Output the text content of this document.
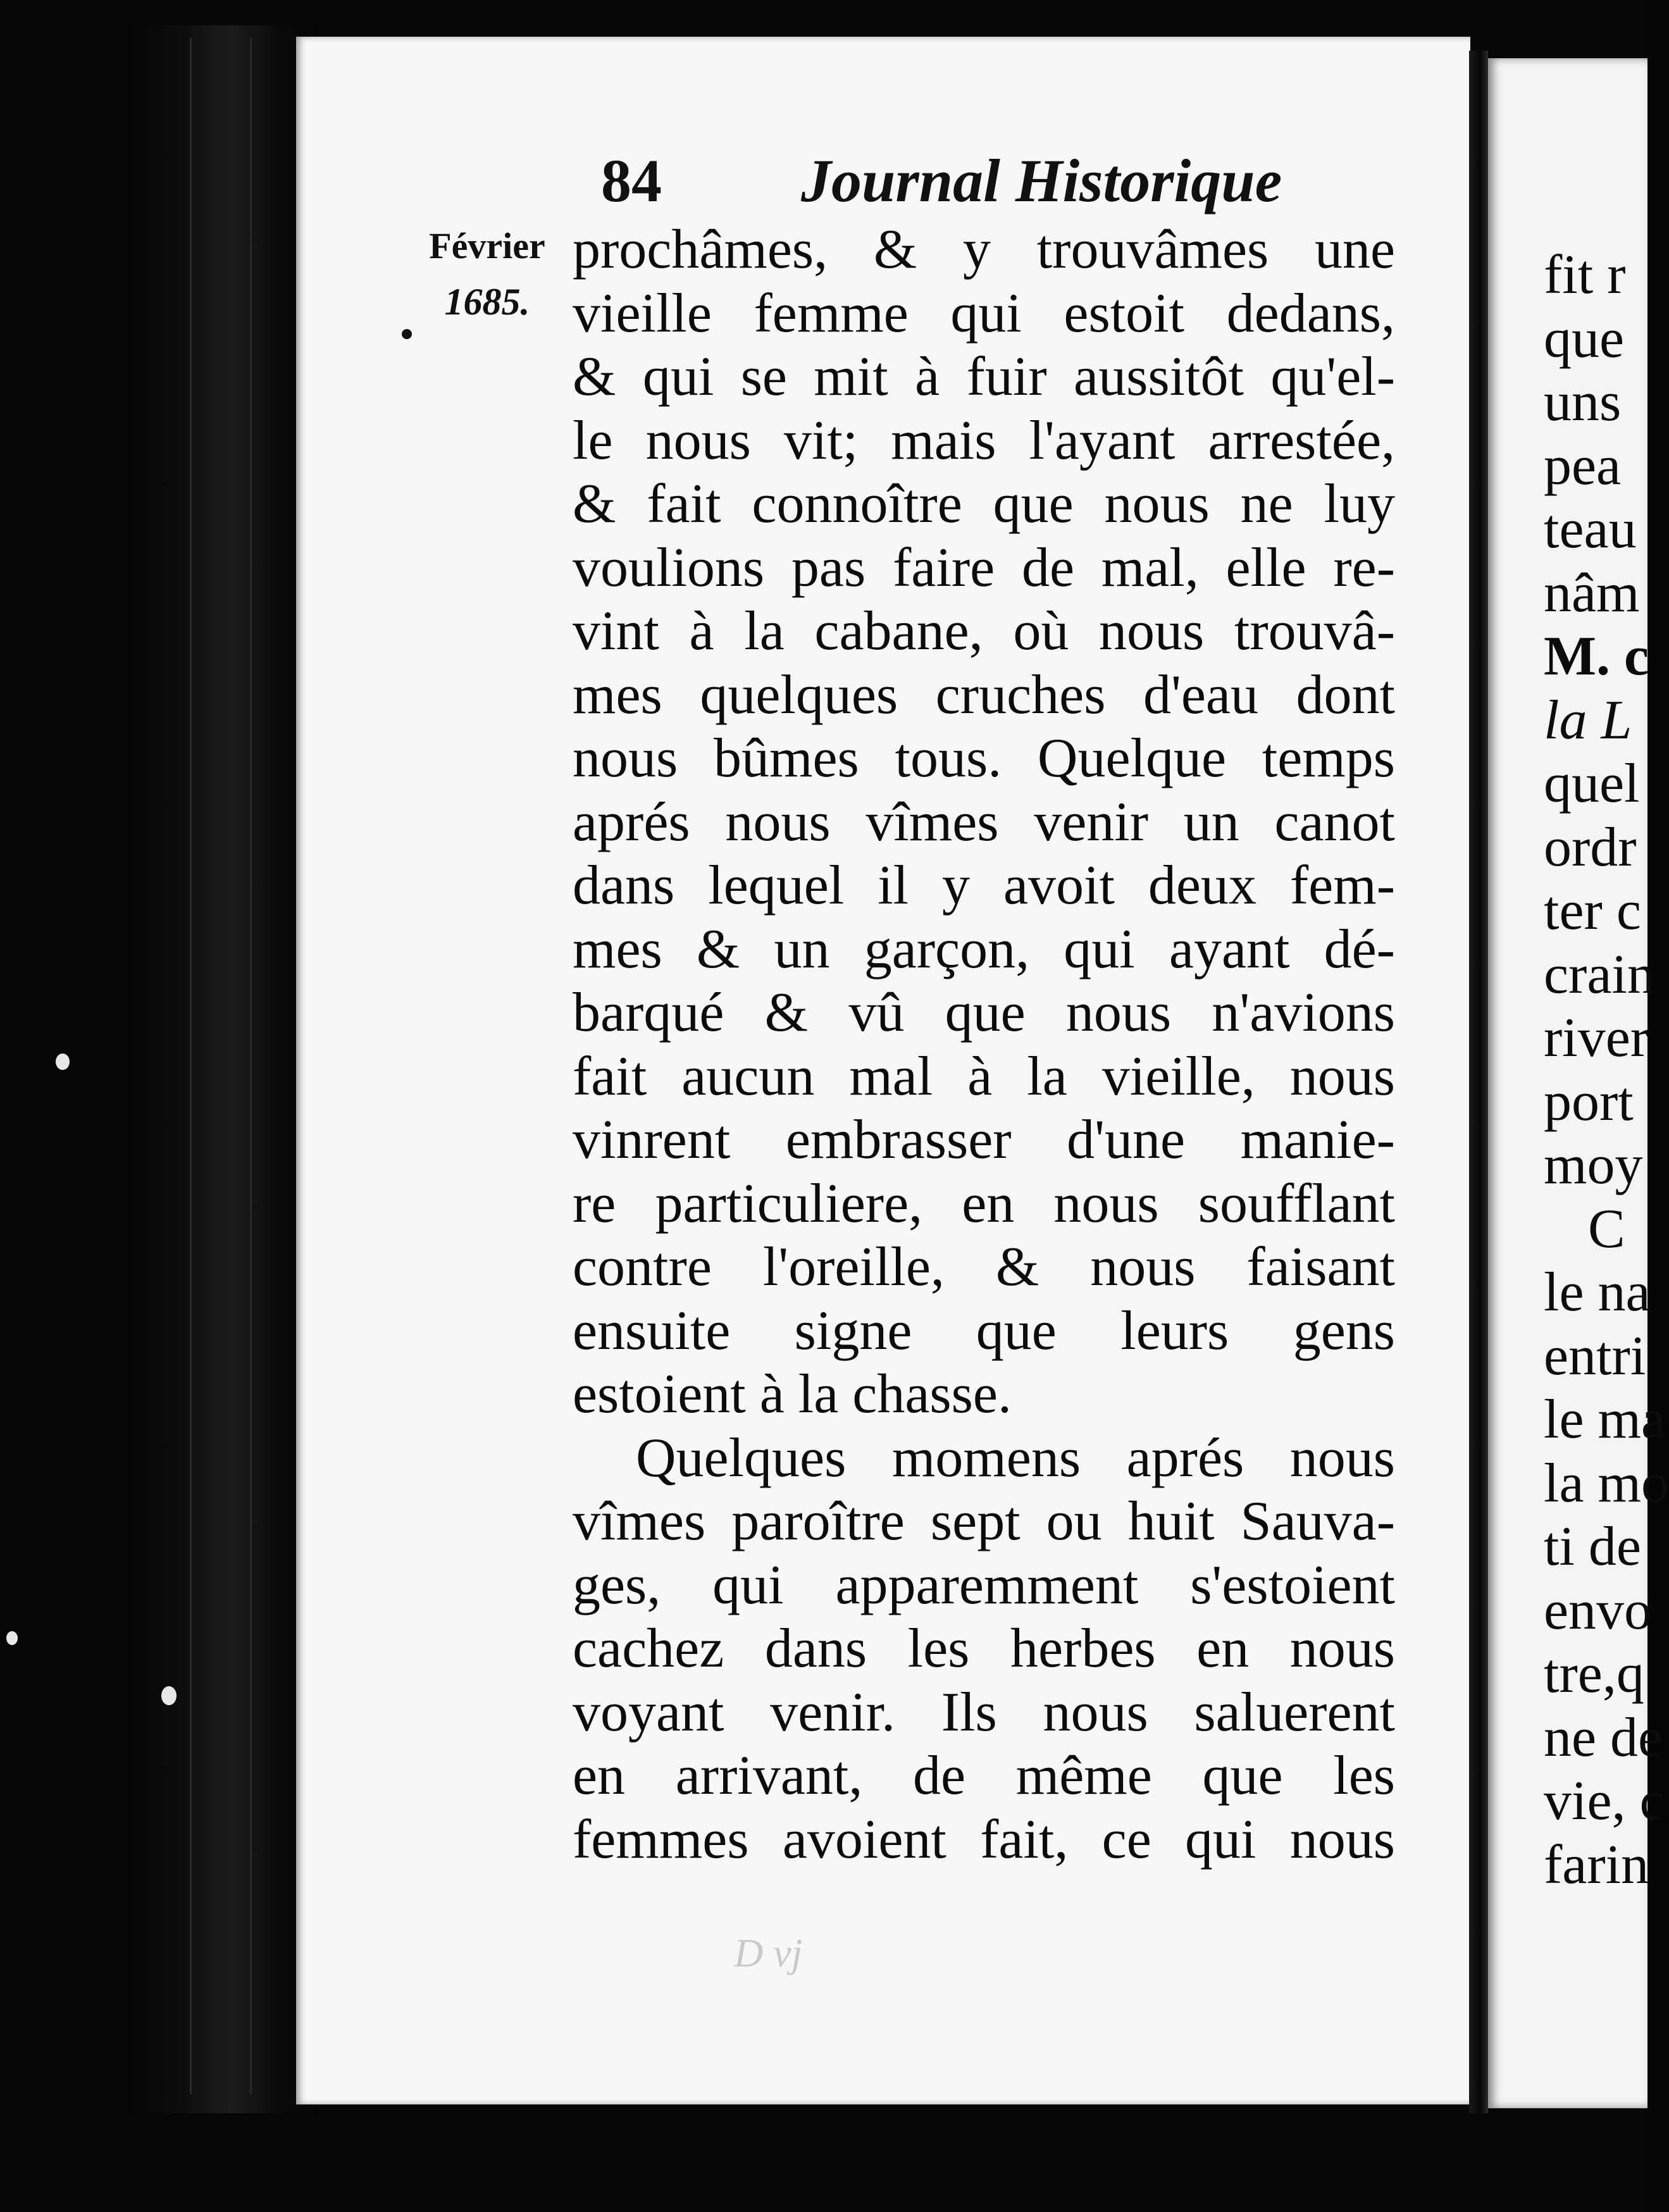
84 Journal Historique
Février
1685.
prochâmes, & y trouvâmes une
vieille femme qui estoit dedans,
& qui se mit à fuir aussitôt qu'el-
le nous vit; mais l'ayant arrestée,
& fait connoître que nous ne luy
voulions pas faire de mal, elle re-
vint à la cabane, où nous trouvâ-
mes quelques cruches d'eau dont
nous bûmes tous. Quelque temps
aprés nous vîmes venir un canot
dans lequel il y avoit deux fem-
mes & un garçon, qui ayant dé-
barqué & vû que nous n'avions
fait aucun mal à la vieille, nous
vinrent embrasser d'une manie-
re particuliere, en nous soufflant
contre l'oreille, & nous faisant
ensuite signe que leurs gens
estoient à la chasse.
Quelques momens aprés nous
vîmes paroître sept ou huit Sauva-
ges, qui apparemment s'estoient
cachez dans les herbes en nous
voyant venir. Ils nous saluerent
en arrivant, de même que les
femmes avoient fait, ce qui nous
D vj
fit r
que
uns
pea
teau
nâm
M. c
la L
quel
ordr
ter c
crain
river
port
moy
C
le na
entri
le ma
la mo
ti de
envo
tre,q
ne de
vie, c
farin
